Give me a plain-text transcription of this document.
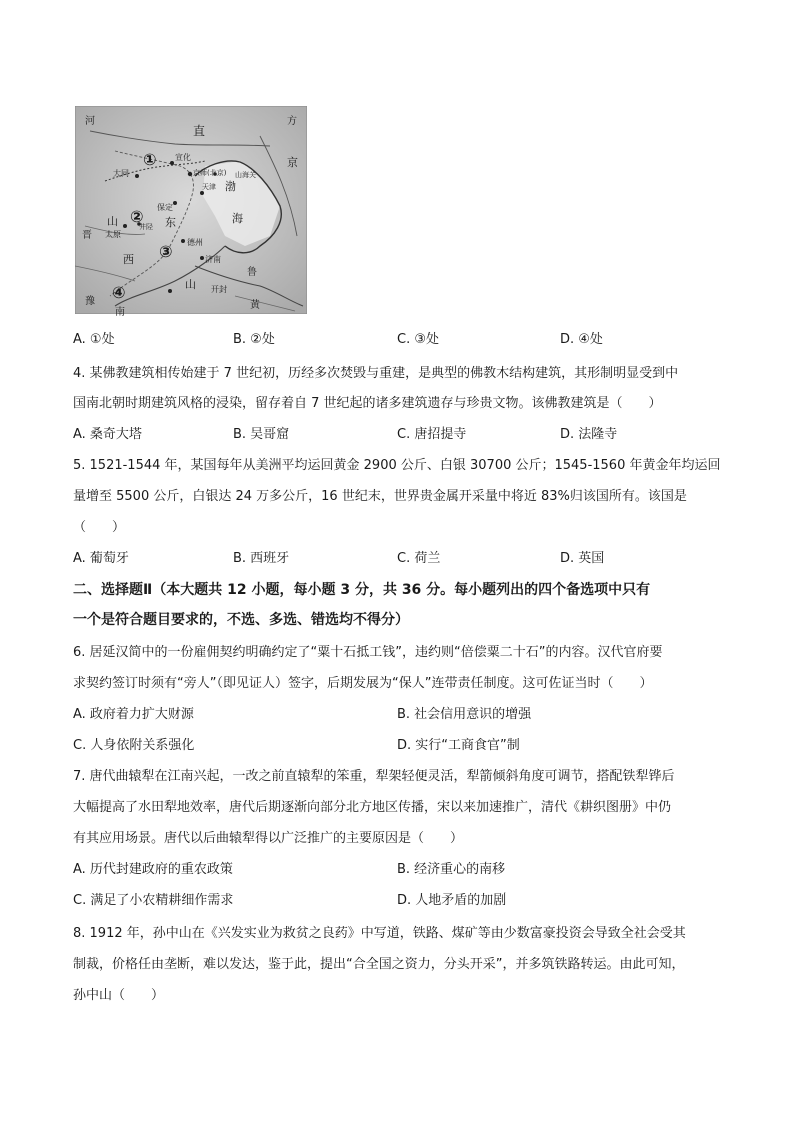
河
直
方
京
渤
海
山	东
西
南
晋
山
宣化
大同	京师(北京) 山海关
天津
保定
太原
德州
济南
黄
开封
井陉
鲁
豫
①
②
③
④
A. ①处	B. ②处	C. ③处	D. ④处
4. 某佛教建筑相传始建于 7 世纪初，历经多次焚毁与重建，是典型的佛教木结构建筑，其形制明显受到中
国南北朝时期建筑风格的浸染，留存着自 7 世纪起的诸多建筑遗存与珍贵文物。该佛教建筑是（　　）
A. 桑奇大塔	B. 吴哥窟	C. 唐招提寺	D. 法隆寺
5. 1521-1544 年，某国每年从美洲平均运回黄金 2900 公斤、白银 30700 公斤；1545-1560 年黄金年均运回
量增至 5500 公斤，白银达 24 万多公斤，16 世纪末，世界贵金属开采量中将近 83%归该国所有。该国是
（　　）
A. 葡萄牙	B. 西班牙	C. 荷兰	D. 英国
二、选择题Ⅱ（本大题共 12 小题，每小题 3 分，共 36 分。每小题列出的四个备选项中只有
一个是符合题目要求的，不选、多选、错选均不得分）
6. 居延汉简中的一份雇佣契约明确约定了“粟十石抵工钱”，违约则“倍偿粟二十石”的内容。汉代官府要
求契约签订时须有“旁人”（即见证人）签字，后期发展为“保人”连带责任制度。这可佐证当时（　　）
A. 政府着力扩大财源	B. 社会信用意识的增强
C. 人身依附关系强化	D. 实行“工商食官”制
7. 唐代曲辕犁在江南兴起，一改之前直辕犁的笨重，犁架轻便灵活，犁箭倾斜角度可调节，搭配铁犁铧后
大幅提高了水田犁地效率，唐代后期逐渐向部分北方地区传播，宋以来加速推广，清代《耕织图册》中仍
有其应用场景。唐代以后曲辕犁得以广泛推广的主要原因是（　　）
A. 历代封建政府的重农政策	B. 经济重心的南移
C. 满足了小农精耕细作需求	D. 人地矛盾的加剧
8. 1912 年，孙中山在《兴发实业为救贫之良药》中写道，铁路、煤矿等由少数富豪投资会导致全社会受其
制裁，价格任由垄断，难以发达，鉴于此，提出“合全国之资力，分头开采”，并多筑铁路转运。由此可知，
孙中山（　　）
